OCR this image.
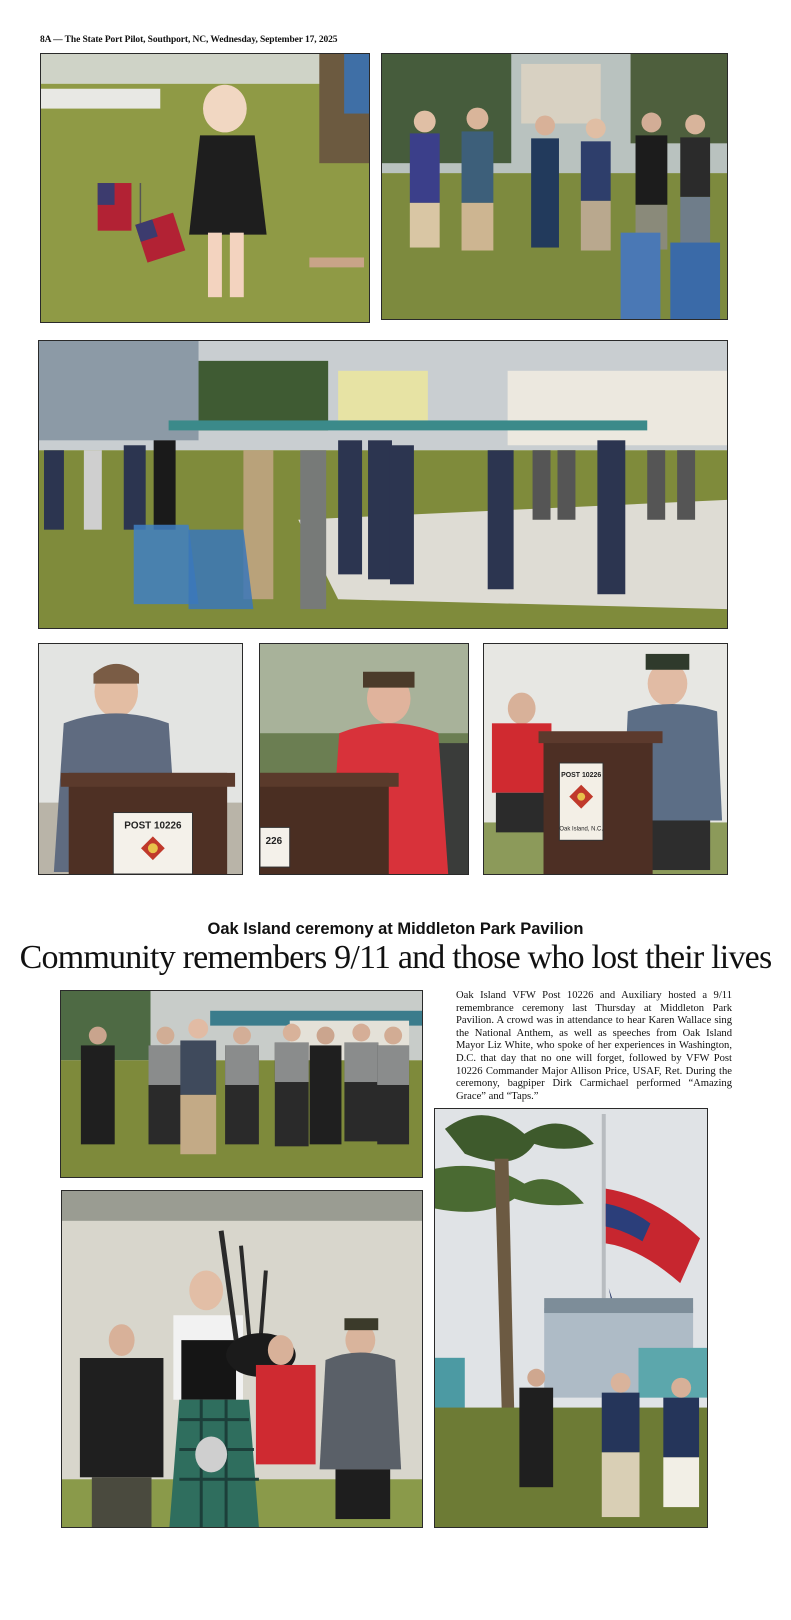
8A — The State Port Pilot, Southport, NC, Wednesday, September 17, 2025
POST 10226
226
POST 10226
Oak Island, N.C.
Oak Island ceremony at Middleton Park Pavilion
Community remembers 9/11 and those who lost their lives
Oak Island VFW Post 10226 and Auxiliary hosted a 9/11 remembrance ceremony last Thursday at Middleton Park Pavilion. A crowd was in attendance to hear Karen Wallace sing the National Anthem, as well as speeches from Oak Island Mayor Liz White, who spoke of her experiences in Washington, D.C. that day that no one will forget, followed by VFW Post 10226 Commander Major Allison Price, USAF, Ret. During the ceremony, bagpiper Dirk Carmichael performed “Amazing Grace” and “Taps.”
